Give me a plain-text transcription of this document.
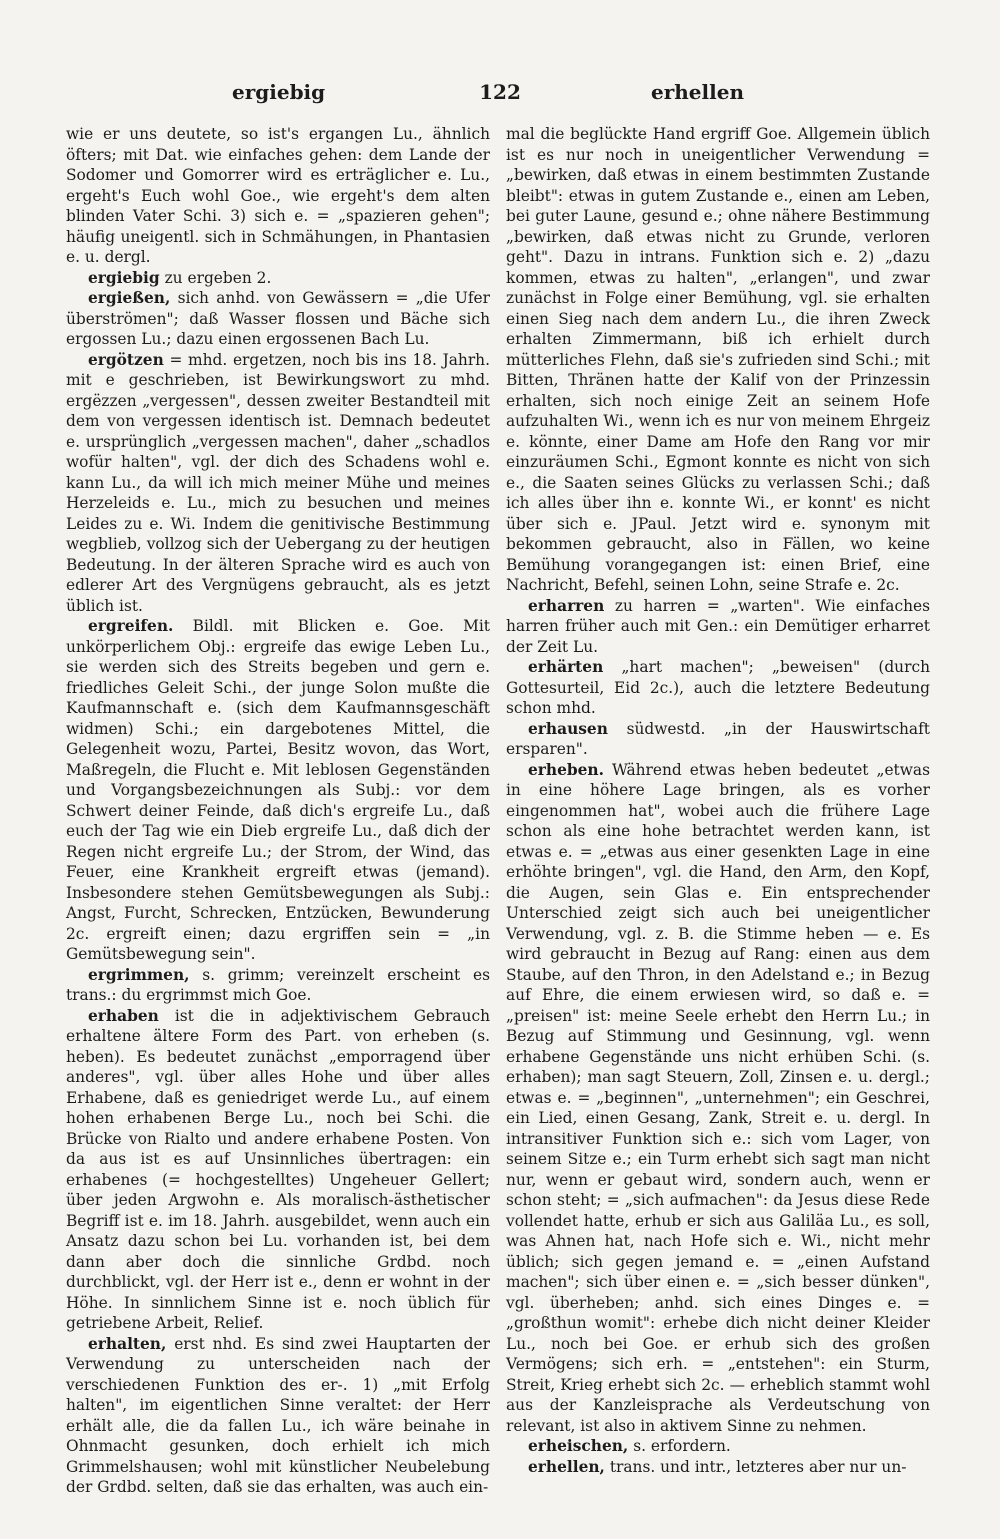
ergiebig	122	erhellen

wie er uns deutete, so ist's ergangen Lu., ähnlich öfters; mit Dat. wie einfaches gehen: dem Lande der Sodomer und Gomorrer wird es erträglicher e. Lu., ergeht's Euch wohl Goe., wie ergeht's dem alten blinden Vater Schi. 3) sich e. = „spazieren gehen"; häufig uneigentl. sich in Schmähungen, in Phantasien e. u. dergl.

ergiebig zu ergeben 2.

ergießen, sich anhd. von Gewässern = „die Ufer überströmen"; daß Wasser flossen und Bäche sich ergossen Lu.; dazu einen ergossenen Bach Lu.

ergötzen = mhd. ergetzen, noch bis ins 18. Jahrh. mit e geschrieben, ist Bewirkungswort zu mhd. ergëzzen „vergessen", dessen zweiter Bestandteil mit dem von vergessen identisch ist. Demnach bedeutet e. ursprünglich „vergessen machen", daher „schadlos wofür halten", vgl. der dich des Schadens wohl e. kann Lu., da will ich mich meiner Mühe und meines Herzeleids e. Lu., mich zu besuchen und meines Leides zu e. Wi. Indem die genitivische Bestimmung wegblieb, vollzog sich der Uebergang zu der heutigen Bedeutung. In der älteren Sprache wird es auch von edlerer Art des Vergnügens gebraucht, als es jetzt üblich ist.

ergreifen. Bildl. mit Blicken e. Goe. Mit unkörperlichem Obj.: ergreife das ewige Leben Lu., sie werden sich des Streits begeben und gern e. friedliches Geleit Schi., der junge Solon mußte die Kaufmannschaft e. (sich dem Kaufmannsgeschäft widmen) Schi.; ein dargebotenes Mittel, die Gelegenheit wozu, Partei, Besitz wovon, das Wort, Maßregeln, die Flucht e. Mit leblosen Gegenständen und Vorgangsbezeichnungen als Subj.: vor dem Schwert deiner Feinde, daß dich's ergreife Lu., daß euch der Tag wie ein Dieb ergreife Lu., daß dich der Regen nicht ergreife Lu.; der Strom, der Wind, das Feuer, eine Krankheit ergreift etwas (jemand). Insbesondere stehen Gemütsbewegungen als Subj.: Angst, Furcht, Schrecken, Entzücken, Bewunderung 2c. ergreift einen; dazu ergriffen sein = „in Gemütsbewegung sein".

ergrimmen, s. grimm; vereinzelt erscheint es trans.: du ergrimmst mich Goe.

erhaben ist die in adjektivischem Gebrauch erhaltene ältere Form des Part. von erheben (s. heben). Es bedeutet zunächst „emporragend über anderes", vgl. über alles Hohe und über alles Erhabene, daß es geniedriget werde Lu., auf einem hohen erhabenen Berge Lu., noch bei Schi. die Brücke von Rialto und andere erhabene Posten. Von da aus ist es auf Unsinnliches übertragen: ein erhabenes (= hochgestelltes) Ungeheuer Gellert; über jeden Argwohn e. Als moralisch-ästhetischer Begriff ist e. im 18. Jahrh. ausgebildet, wenn auch ein Ansatz dazu schon bei Lu. vorhanden ist, bei dem dann aber doch die sinnliche Grdbd. noch durchblickt, vgl. der Herr ist e., denn er wohnt in der Höhe. In sinnlichem Sinne ist e. noch üblich für getriebene Arbeit, Relief.

erhalten, erst nhd. Es sind zwei Hauptarten der Verwendung zu unterscheiden nach der verschiedenen Funktion des er-. 1) „mit Erfolg halten", im eigentlichen Sinne veraltet: der Herr erhält alle, die da fallen Lu., ich wäre beinahe in Ohnmacht gesunken, doch erhielt ich mich Grimmelshausen; wohl mit künstlicher Neubelebung der Grdbd. selten, daß sie das erhalten, was auch ein-

mal die beglückte Hand ergriff Goe. Allgemein üblich ist es nur noch in uneigentlicher Verwendung = „bewirken, daß etwas in einem bestimmten Zustande bleibt": etwas in gutem Zustande e., einen am Leben, bei guter Laune, gesund e.; ohne nähere Bestimmung „bewirken, daß etwas nicht zu Grunde, verloren geht". Dazu in intrans. Funktion sich e. 2) „dazu kommen, etwas zu halten", „erlangen", und zwar zunächst in Folge einer Bemühung, vgl. sie erhalten einen Sieg nach dem andern Lu., die ihren Zweck erhalten Zimmermann, biß ich erhielt durch mütterliches Flehn, daß sie's zufrieden sind Schi.; mit Bitten, Thränen hatte der Kalif von der Prinzessin erhalten, sich noch einige Zeit an seinem Hofe aufzuhalten Wi., wenn ich es nur von meinem Ehrgeiz e. könnte, einer Dame am Hofe den Rang vor mir einzuräumen Schi., Egmont konnte es nicht von sich e., die Saaten seines Glücks zu verlassen Schi.; daß ich alles über ihn e. konnte Wi., er konnt' es nicht über sich e. JPaul. Jetzt wird e. synonym mit bekommen gebraucht, also in Fällen, wo keine Bemühung vorangegangen ist: einen Brief, eine Nachricht, Befehl, seinen Lohn, seine Strafe e. 2c.

erharren zu harren = „warten". Wie einfaches harren früher auch mit Gen.: ein Demütiger erharret der Zeit Lu.

erhärten „hart machen"; „beweisen" (durch Gottesurteil, Eid 2c.), auch die letztere Bedeutung schon mhd.

erhausen südwestd. „in der Hauswirtschaft ersparen".

erheben. Während etwas heben bedeutet „etwas in eine höhere Lage bringen, als es vorher eingenommen hat", wobei auch die frühere Lage schon als eine hohe betrachtet werden kann, ist etwas e. = „etwas aus einer gesenkten Lage in eine erhöhte bringen", vgl. die Hand, den Arm, den Kopf, die Augen, sein Glas e. Ein entsprechender Unterschied zeigt sich auch bei uneigentlicher Verwendung, vgl. z. B. die Stimme heben — e. Es wird gebraucht in Bezug auf Rang: einen aus dem Staube, auf den Thron, in den Adelstand e.; in Bezug auf Ehre, die einem erwiesen wird, so daß e. = „preisen" ist: meine Seele erhebt den Herrn Lu.; in Bezug auf Stimmung und Gesinnung, vgl. wenn erhabene Gegenstände uns nicht erhüben Schi. (s. erhaben); man sagt Steuern, Zoll, Zinsen e. u. dergl.; etwas e. = „beginnen", „unternehmen"; ein Geschrei, ein Lied, einen Gesang, Zank, Streit e. u. dergl. In intransitiver Funktion sich e.: sich vom Lager, von seinem Sitze e.; ein Turm erhebt sich sagt man nicht nur, wenn er gebaut wird, sondern auch, wenn er schon steht; = „sich aufmachen": da Jesus diese Rede vollendet hatte, erhub er sich aus Galiläa Lu., es soll, was Ahnen hat, nach Hofe sich e. Wi., nicht mehr üblich; sich gegen jemand e. = „einen Aufstand machen"; sich über einen e. = „sich besser dünken", vgl. überheben; anhd. sich eines Dinges e. = „großthun womit": erhebe dich nicht deiner Kleider Lu., noch bei Goe. er erhub sich des großen Vermögens; sich erh. = „entstehen": ein Sturm, Streit, Krieg erhebt sich 2c. — erheblich stammt wohl aus der Kanzleisprache als Verdeutschung von relevant, ist also in aktivem Sinne zu nehmen.

erheischen, s. erfordern.

erhellen, trans. und intr., letzteres aber nur un-
